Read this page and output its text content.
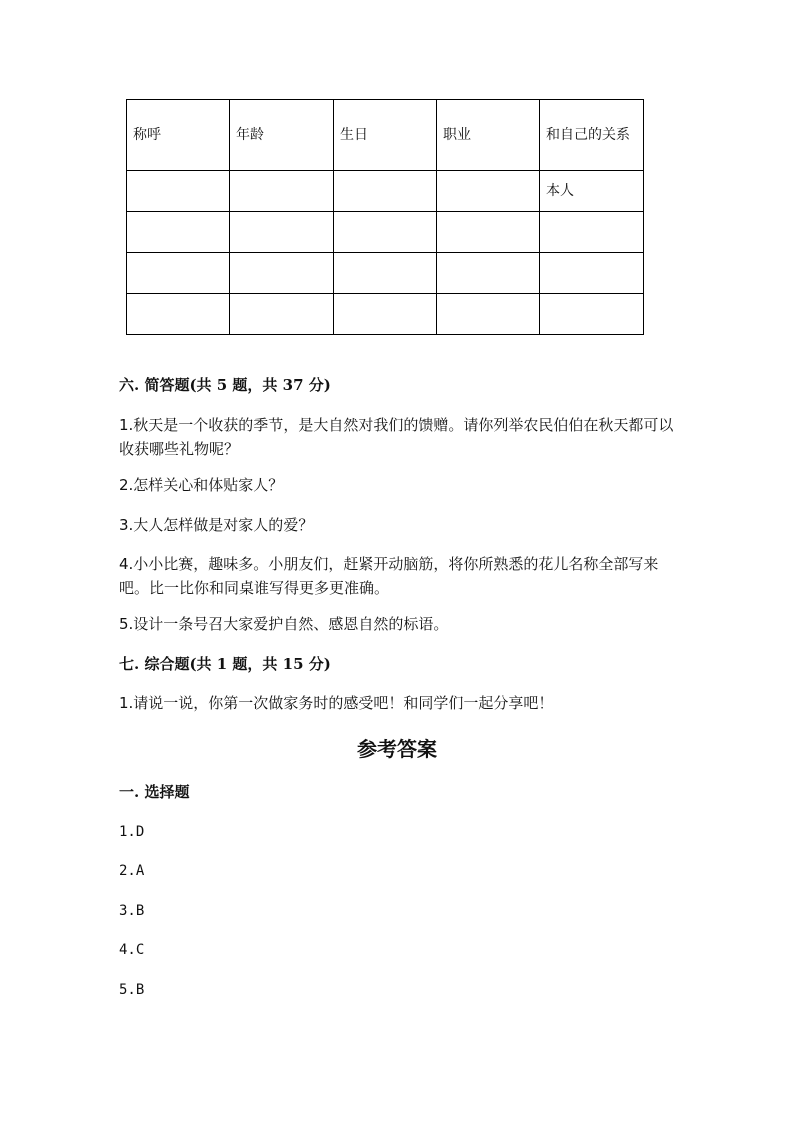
称呼	年龄	生日	职业	和自己的关系
				本人

六. 简答题(共 5 题，共 37 分)
1.秋天是一个收获的季节，是大自然对我们的馈赠。请你列举农民伯伯在秋天都可以收获哪些礼物呢？
2.怎样关心和体贴家人？
3.大人怎样做是对家人的爱？
4.小小比赛，趣味多。小朋友们，赶紧开动脑筋，将你所熟悉的花儿名称全部写来吧。比一比你和同桌谁写得更多更准确。
5.设计一条号召大家爱护自然、感恩自然的标语。
七. 综合题(共 1 题，共 15 分)
1.请说一说，你第一次做家务时的感受吧！和同学们一起分享吧！
参考答案
一. 选择题
1.D
2.A
3.B
4.C
5.B
